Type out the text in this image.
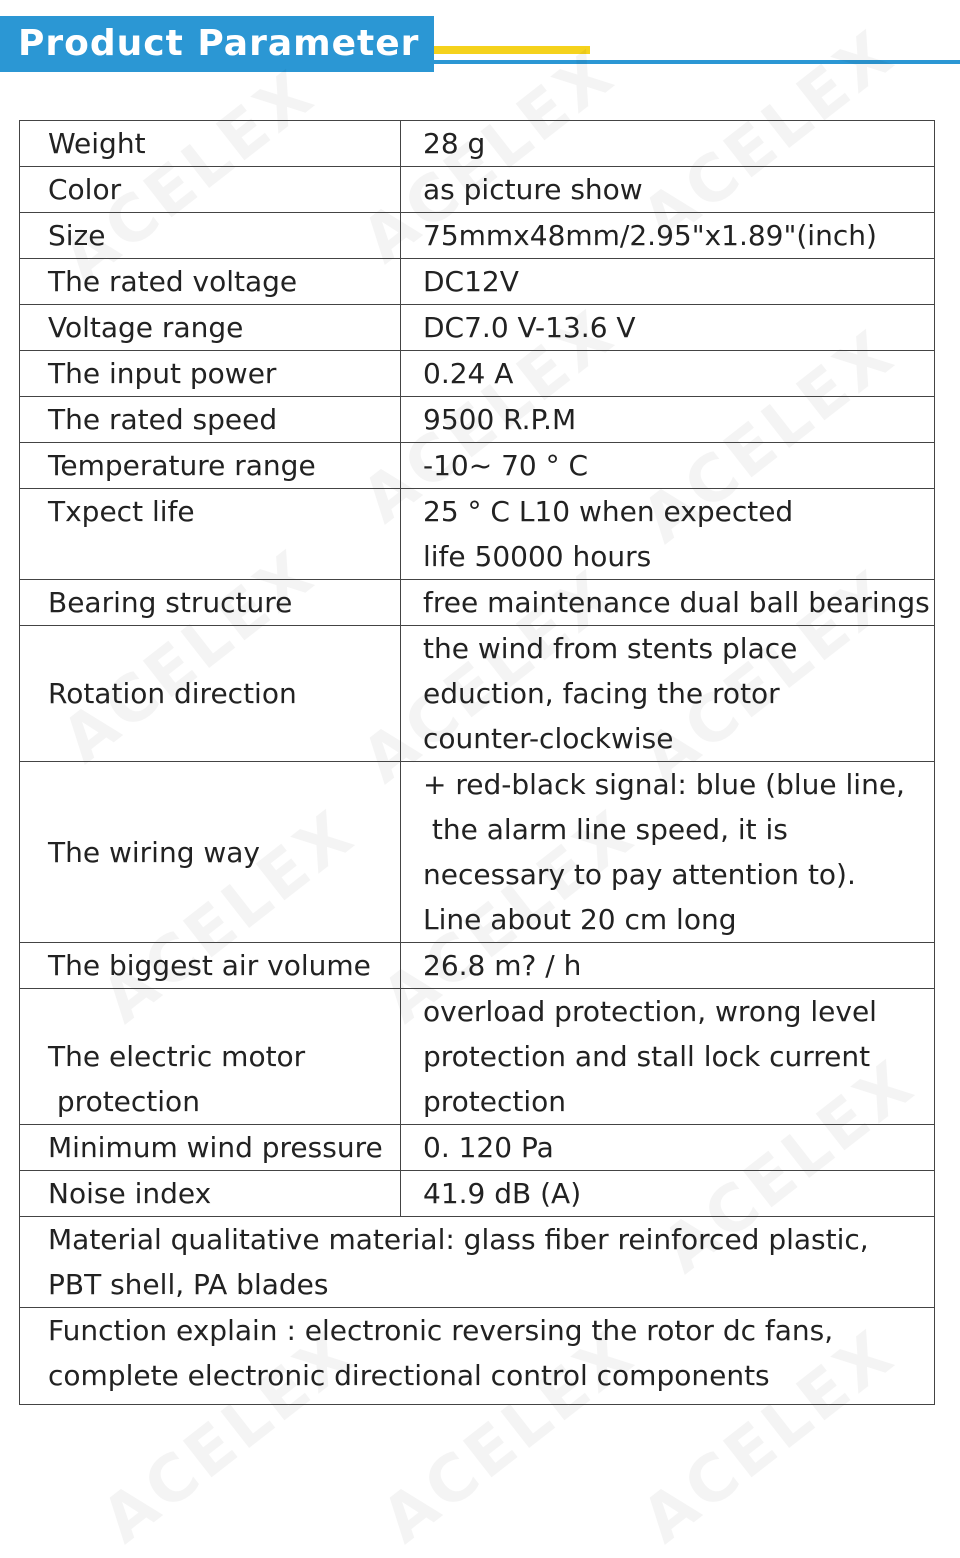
Product Parameter
Weight	28 g

Color	as picture show

Size	75mmx48mm/2.95"x1.89"(inch)

The rated voltage	DC12V

Voltage range	DC7.0 V-13.6 V

The input power	0.24 A

The rated speed	9500 R.P.M

Temperature range	-10~ 70 ° C

Txpect life	25 ° C L10 when expected
life 50000 hours

Bearing structure	free maintenance dual ball bearings

Rotation direction	the wind from stents place
eduction, facing the rotor
counter-clockwise

The wiring way	+ red-black signal: blue (blue line,
the alarm line speed, it is
necessary to pay attention to).
Line about 20 cm long

The biggest air volume	26.8 m? / h

The electric motor
protection	overload protection, wrong level
protection and stall lock current
protection

Minimum wind pressure	0. 120 Pa

Noise index	41.9 dB (A)

Material qualitative material: glass fiber reinforced plastic,
PBT shell, PA blades	

Function explain : electronic reversing the rotor dc fans,
complete electronic directional control components	
